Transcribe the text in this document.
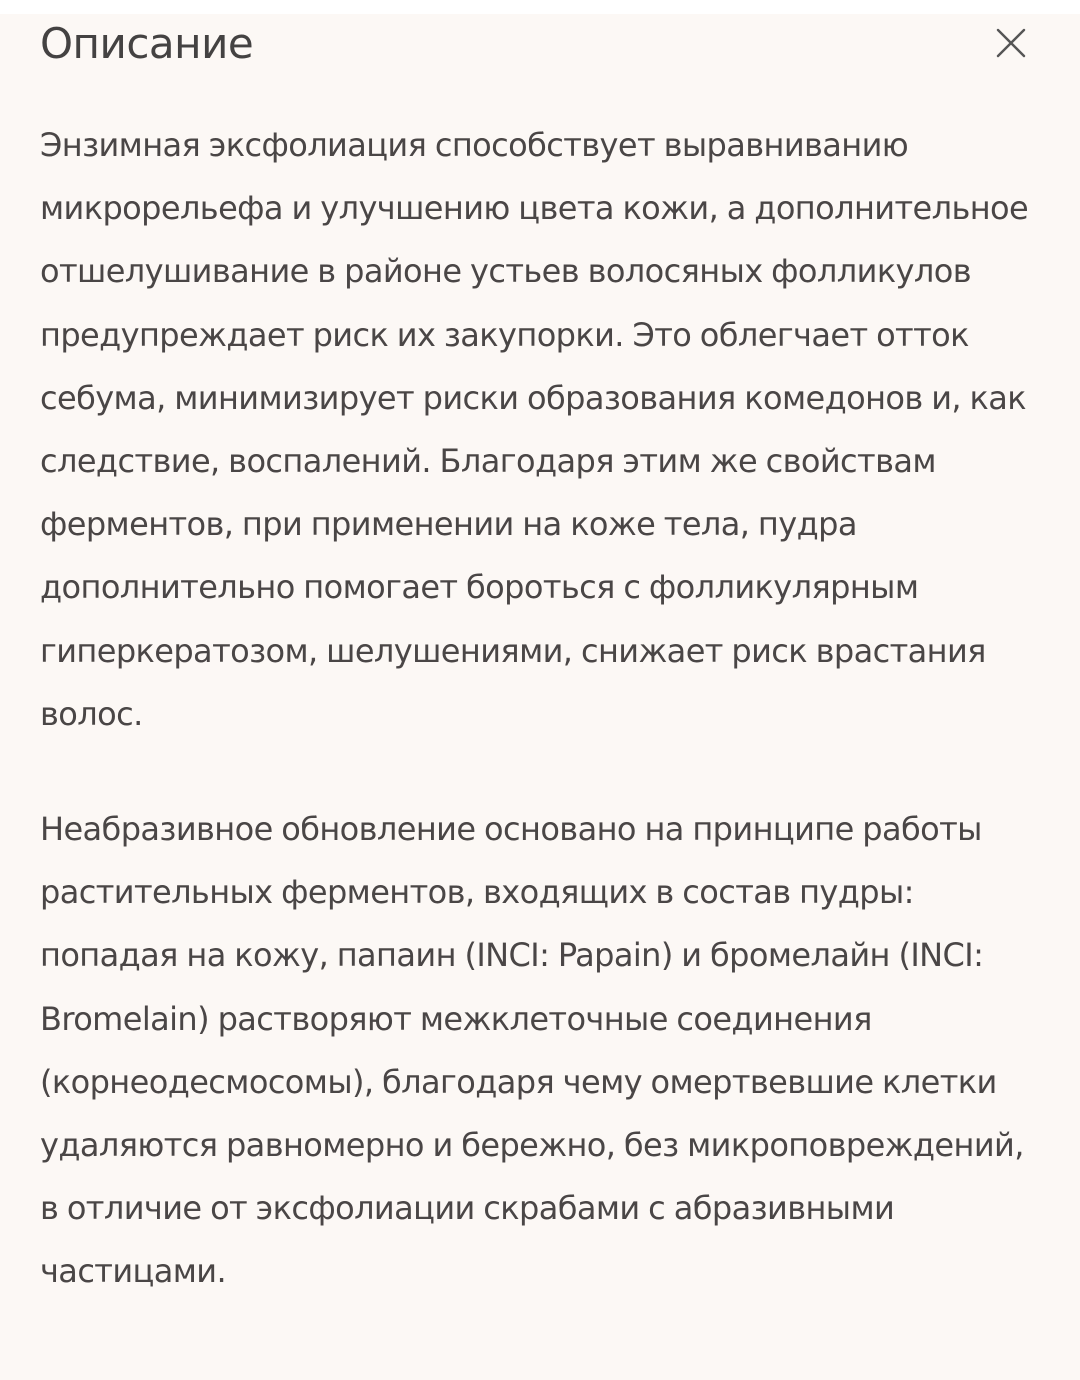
Описание

Энзимная эксфолиация способствует выравниванию микрорельефа и улучшению цвета кожи, а дополнительное отшелушивание в районе устьев волосяных фолликулов предупреждает риск их закупорки. Это облегчает отток себума, минимизирует риски образования комедонов и, как следствие, воспалений. Благодаря этим же свойствам ферментов, при применении на коже тела, пудра дополнительно помогает бороться с фолликулярным гиперкератозом, шелушениями, снижает риск врастания волос.

Неабразивное обновление основано на принципе работы растительных ферментов, входящих в состав пудры: попадая на кожу, папаин (INCI: Papain) и бромелайн (INCI: Bromelain) растворяют межклеточные соединения (корнеодесмосомы), благодаря чему омертвевшие клетки удаляются равномерно и бережно, без микроповреждений, в отличие от эксфолиации скрабами с абразивными частицами.
